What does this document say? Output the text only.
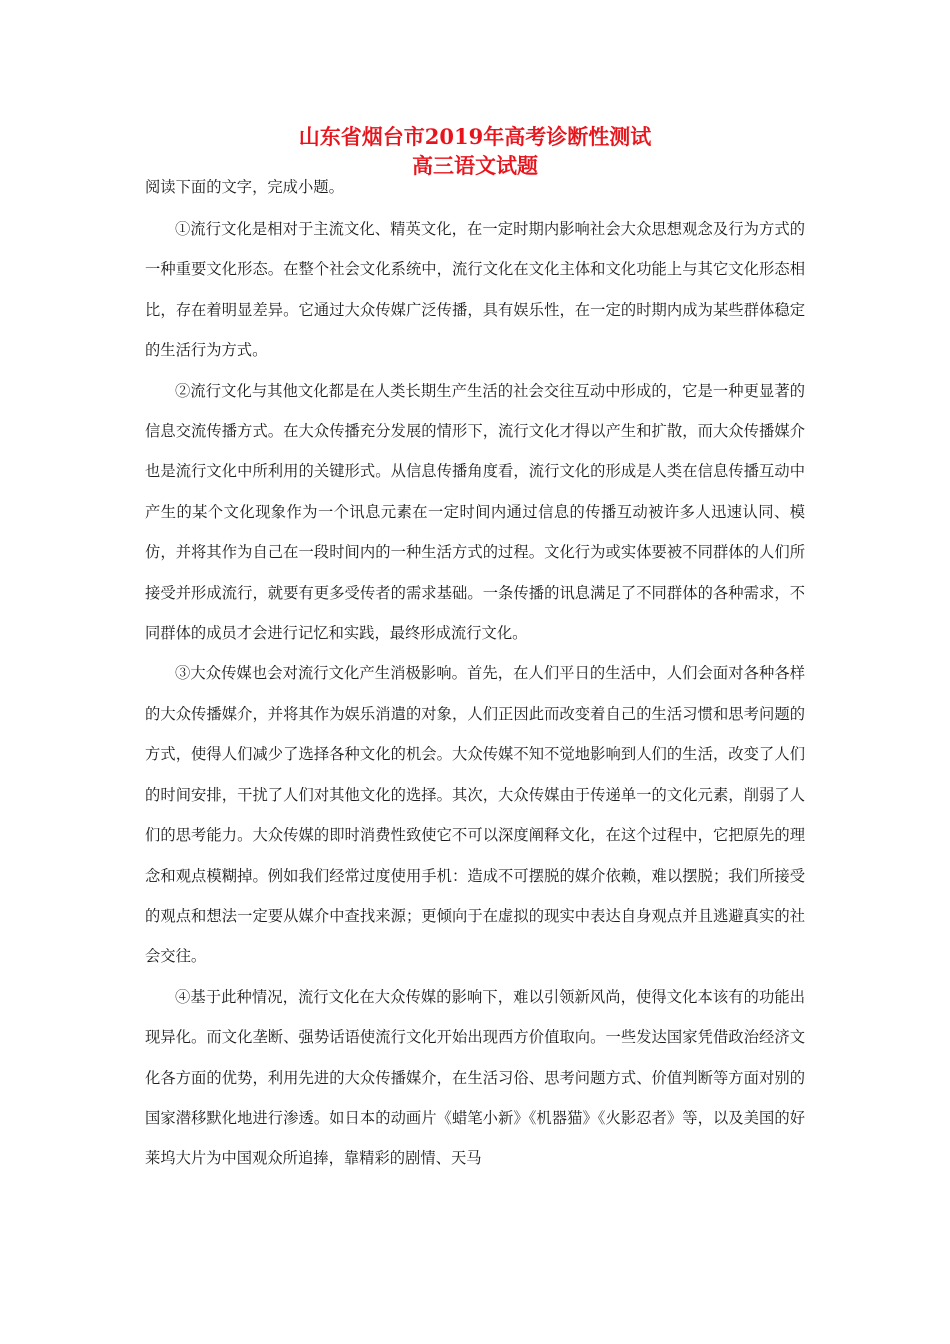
山东省烟台市2019年高考诊断性测试
高三语文试题

阅读下面的文字，完成小题。

①流行文化是相对于主流文化、精英文化，在一定时期内影响社会大众思想观念及行为方式的一种重要文化形态。在整个社会文化系统中，流行文化在文化主体和文化功能上与其它文化形态相比，存在着明显差异。它通过大众传媒广泛传播，具有娱乐性，在一定的时期内成为某些群体稳定的生活行为方式。

②流行文化与其他文化都是在人类长期生产生活的社会交往互动中形成的，它是一种更显著的信息交流传播方式。在大众传播充分发展的情形下，流行文化才得以产生和扩散，而大众传播媒介也是流行文化中所利用的关键形式。从信息传播角度看，流行文化的形成是人类在信息传播互动中产生的某个文化现象作为一个讯息元素在一定时间内通过信息的传播互动被许多人迅速认同、模仿，并将其作为自己在一段时间内的一种生活方式的过程。文化行为或实体要被不同群体的人们所接受并形成流行，就要有更多受传者的需求基础。一条传播的讯息满足了不同群体的各种需求，不同群体的成员才会进行记忆和实践，最终形成流行文化。

③大众传媒也会对流行文化产生消极影响。首先，在人们平日的生活中，人们会面对各种各样的大众传播媒介，并将其作为娱乐消遣的对象，人们正因此而改变着自己的生活习惯和思考问题的方式，使得人们减少了选择各种文化的机会。大众传媒不知不觉地影响到人们的生活，改变了人们的时间安排，干扰了人们对其他文化的选择。其次，大众传媒由于传递单一的文化元素，削弱了人们的思考能力。大众传媒的即时消费性致使它不可以深度阐释文化，在这个过程中，它把原先的理念和观点模糊掉。例如我们经常过度使用手机：造成不可摆脱的媒介依赖，难以摆脱；我们所接受的观点和想法一定要从媒介中查找来源；更倾向于在虚拟的现实中表达自身观点并且逃避真实的社会交往。

④基于此种情况，流行文化在大众传媒的影响下，难以引领新风尚，使得文化本该有的功能出现异化。而文化垄断、强势话语使流行文化开始出现西方价值取向。一些发达国家凭借政治经济文化各方面的优势，利用先进的大众传播媒介，在生活习俗、思考问题方式、价值判断等方面对别的国家潜移默化地进行渗透。如日本的动画片《蜡笔小新》《机器猫》《火影忍者》等，以及美国的好莱坞大片为中国观众所追捧，靠精彩的剧情、天马
